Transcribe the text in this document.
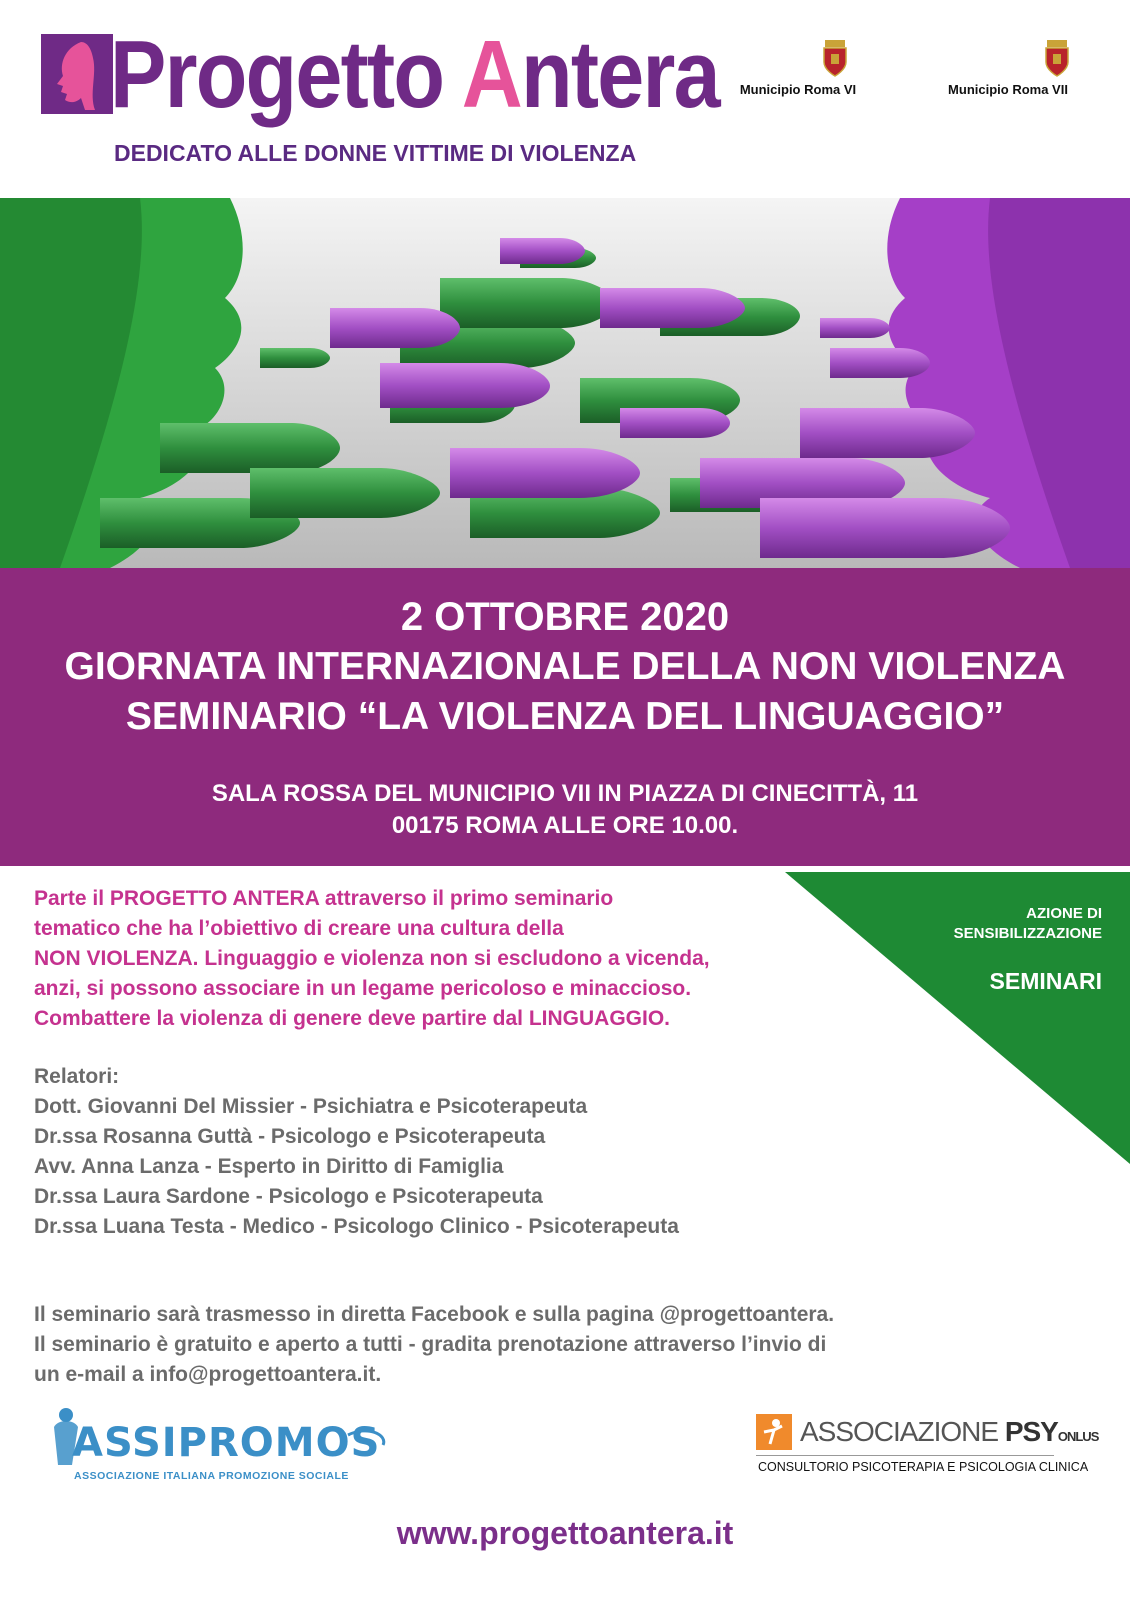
Progetto Antera
DEDICATO ALLE DONNE VITTIME DI VIOLENZA
Municipio Roma VI	Municipio Roma VII
2 OTTOBRE 2020
GIORNATA INTERNAZIONALE DELLA NON VIOLENZA
SEMINARIO “LA VIOLENZA DEL LINGUAGGIO”
SALA ROSSA DEL MUNICIPIO VII IN PIAZZA DI CINECITTÀ, 11
00175 ROMA ALLE ORE 10.00.
AZIONE DI
SENSIBILIZZAZIONE
SEMINARI
Parte il PROGETTO ANTERA attraverso il primo seminario
tematico che ha l’obiettivo di creare una cultura della
NON VIOLENZA. Linguaggio e violenza non si escludono a vicenda,
anzi, si possono associare in un legame pericoloso e minaccioso.
Combattere la violenza di genere deve partire dal LINGUAGGIO.
Relatori:
Dott. Giovanni Del Missier - Psichiatra e Psicoterapeuta
Dr.ssa Rosanna Guttà - Psicologo e Psicoterapeuta
Avv. Anna Lanza - Esperto in Diritto di Famiglia
Dr.ssa Laura Sardone - Psicologo e Psicoterapeuta
Dr.ssa Luana Testa - Medico - Psicologo Clinico - Psicoterapeuta
Il seminario sarà trasmesso in diretta Facebook e sulla pagina @progettoantera.
Il seminario è gratuito e aperto a tutti - gradita prenotazione attraverso l’invio di
un e-mail a info@progettoantera.it.
ASSIPROMOS
ASSOCIAZIONE ITALIANA PROMOZIONE SOCIALE
ASSOCIAZIONE PSYONLUS
CONSULTORIO PSICOTERAPIA E PSICOLOGIA CLINICA
www.progettoantera.it
